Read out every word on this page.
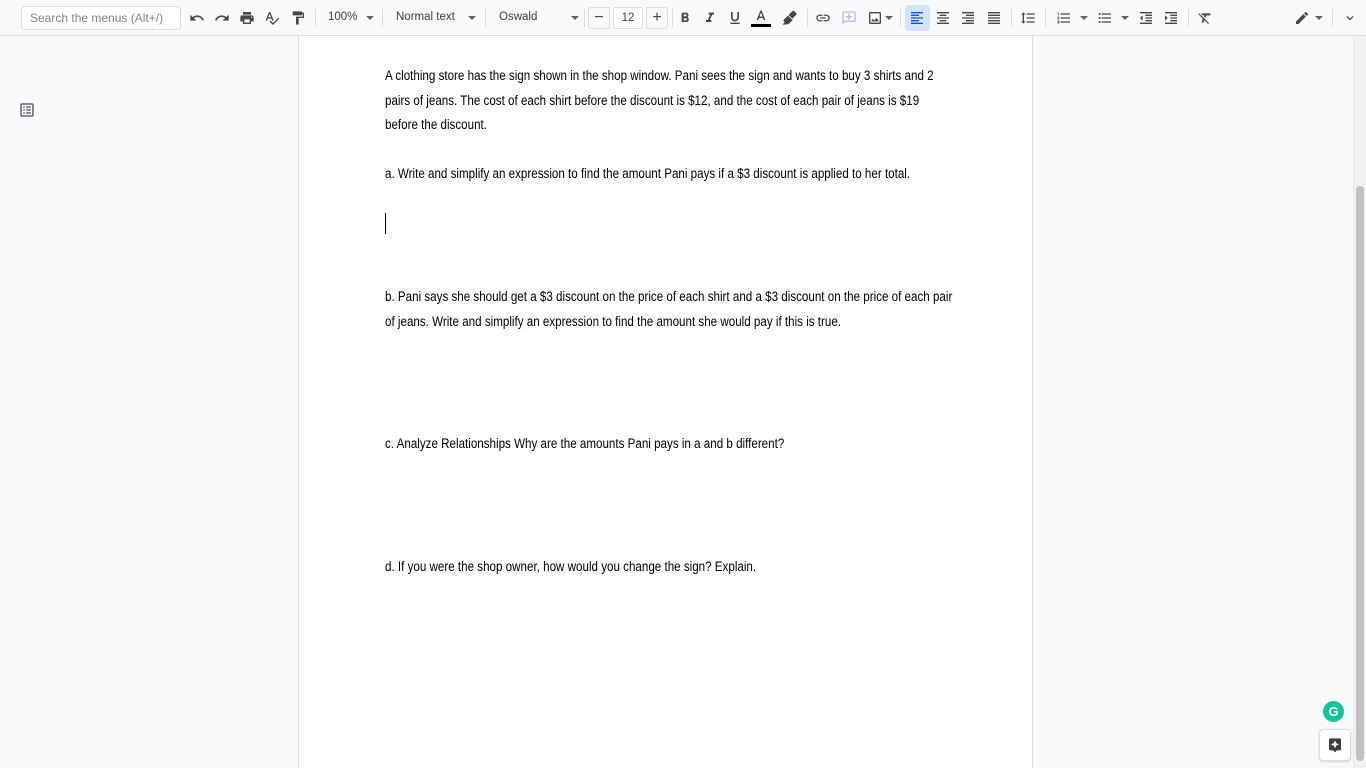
Search the menus (Alt+/)
100%	Normal text	Oswald	−	12	+

A clothing store has the sign shown in the shop window. Pani sees the sign and wants to buy 3 shirts and 2 pairs of jeans. The cost of each shirt before the discount is $12, and the cost of each pair of jeans is $19 before the discount.

a. Write and simplify an expression to find the amount Pani pays if a $3 discount is applied to her total.

b. Pani says she should get a $3 discount on the price of each shirt and a $3 discount on the price of each pair of jeans. Write and simplify an expression to find the amount she would pay if this is true.

c. Analyze Relationships Why are the amounts Pani pays in a and b different?

d. If you were the shop owner, how would you change the sign? Explain.

G
